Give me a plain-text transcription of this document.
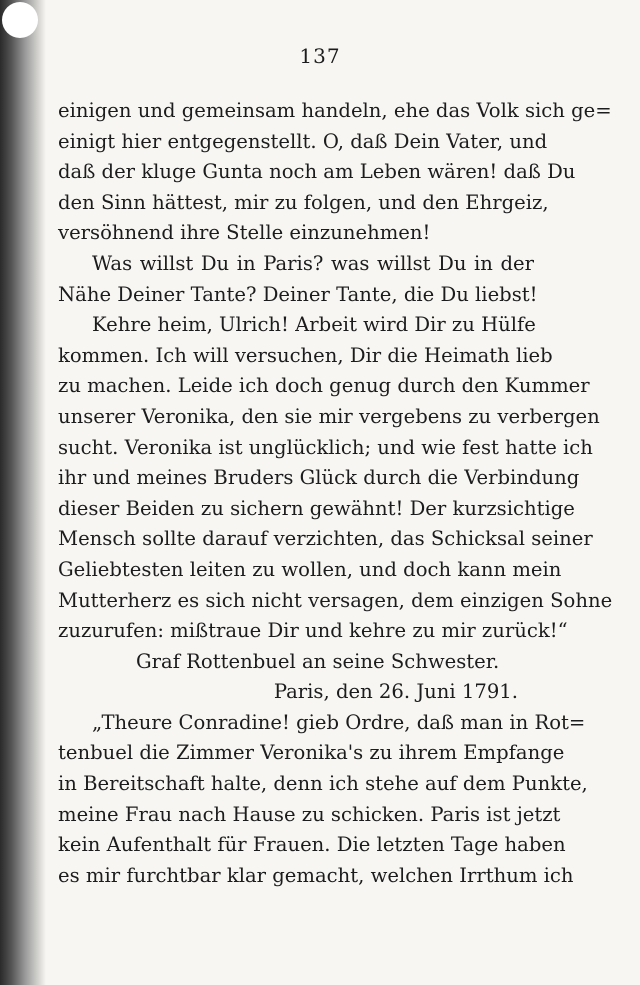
137
einigen und gemeinsam handeln, ehe das Volk sich ge=
einigt hier entgegenstellt. O, daß Dein Vater, und
daß der kluge Gunta noch am Leben wären! daß Du
den Sinn hättest, mir zu folgen, und den Ehrgeiz,
versöhnend ihre Stelle einzunehmen!
Was willst Du in Paris? was willst Du in der
Nähe Deiner Tante? Deiner Tante, die Du liebst!
Kehre heim, Ulrich! Arbeit wird Dir zu Hülfe
kommen. Ich will versuchen, Dir die Heimath lieb
zu machen. Leide ich doch genug durch den Kummer
unserer Veronika, den sie mir vergebens zu verbergen
sucht. Veronika ist unglücklich; und wie fest hatte ich
ihr und meines Bruders Glück durch die Verbindung
dieser Beiden zu sichern gewähnt! Der kurzsichtige
Mensch sollte darauf verzichten, das Schicksal seiner
Geliebtesten leiten zu wollen, und doch kann mein
Mutterherz es sich nicht versagen, dem einzigen Sohne
zuzurufen: mißtraue Dir und kehre zu mir zurück!“
Graf Rottenbuel an seine Schwester.
Paris, den 26. Juni 1791.
„Theure Conradine! gieb Ordre, daß man in Rot=
tenbuel die Zimmer Veronika's zu ihrem Empfange
in Bereitschaft halte, denn ich stehe auf dem Punkte,
meine Frau nach Hause zu schicken. Paris ist jetzt
kein Aufenthalt für Frauen. Die letzten Tage haben
es mir furchtbar klar gemacht, welchen Irrthum ich
